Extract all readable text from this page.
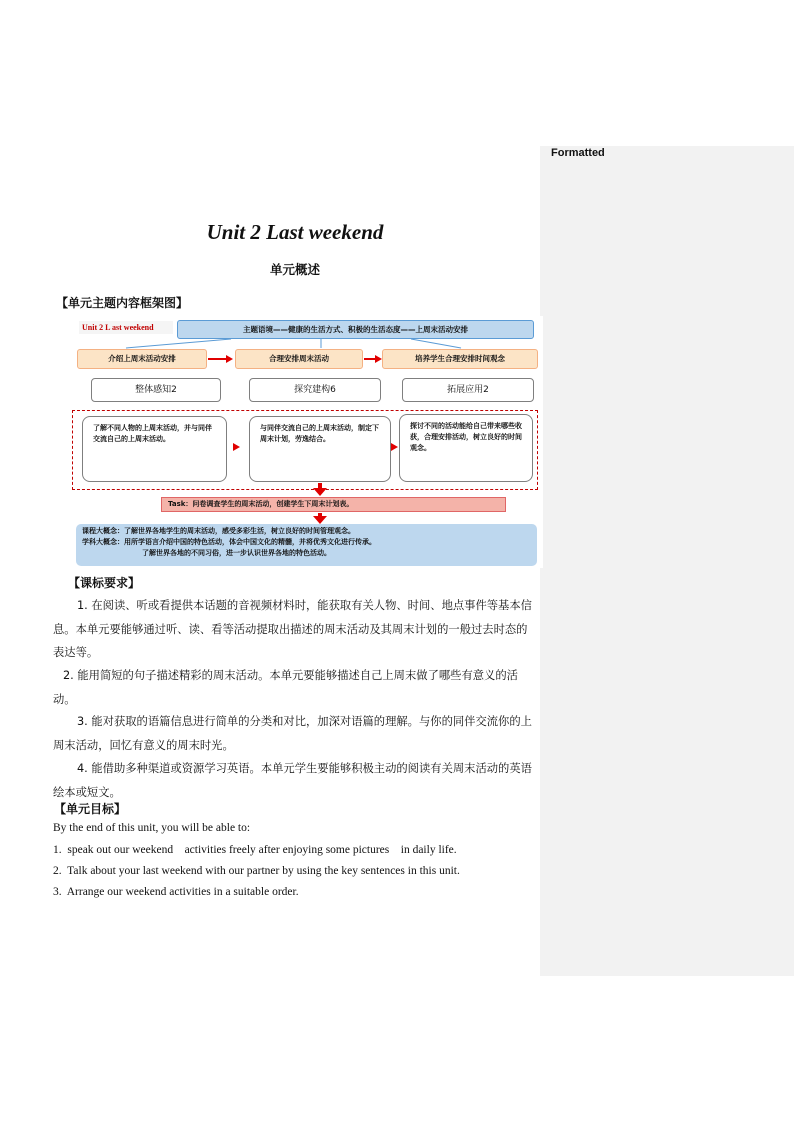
Formatted
Unit 2 Last weekend
单元概述
【单元主题内容框架图】
Unit 2 L ast weekend	主题语境——健康的生活方式、积极的生活态度——上周末活动安排
介绍上周末活动安排	合理安排周末活动	培养学生合理安排时间观念
整体感知2	探究建构6	拓展应用2
了解不同人物的上周末活动，并与同伴交流自己的上周末活动。
与同伴交流自己的上周末活动，制定下周末计划，劳逸结合。
探讨不同的活动能给自己带来哪些收获，合理安排活动，树立良好的时间观念。
Task：问卷调查学生的周末活动，创建学生下周末计划表。
课程大概念：了解世界各地学生的周末活动，感受多彩生活，树立良好的时间管理观念。
学科大概念：用所学语言介绍中国的特色活动，体会中国文化的精髓，并将优秀文化进行传承。
了解世界各地的不同习俗，进一步认识世界各地的特色活动。
【课标要求】
1. 在阅读、听或看提供本话题的音视频材料时，能获取有关人物、时间、地点事件等基本信息。本单元要能够通过听、读、看等活动提取出描述的周末活动及其周末计划的一般过去时态的表达等。
2. 能用简短的句子描述精彩的周末活动。本单元要能够描述自己上周末做了哪些有意义的活动。
3. 能对获取的语篇信息进行简单的分类和对比，加深对语篇的理解。与你的同伴交流你的上周末活动，回忆有意义的周末时光。
4. 能借助多种渠道或资源学习英语。本单元学生要能够积极主动的阅读有关周末活动的英语绘本或短文。
【单元目标】
By the end of this unit, you will be able to:
1.  speak out our weekend    activities freely after enjoying some pictures    in daily life.
2.  Talk about your last weekend with our partner by using the key sentences in this unit.
3.  Arrange our weekend activities in a suitable order.
